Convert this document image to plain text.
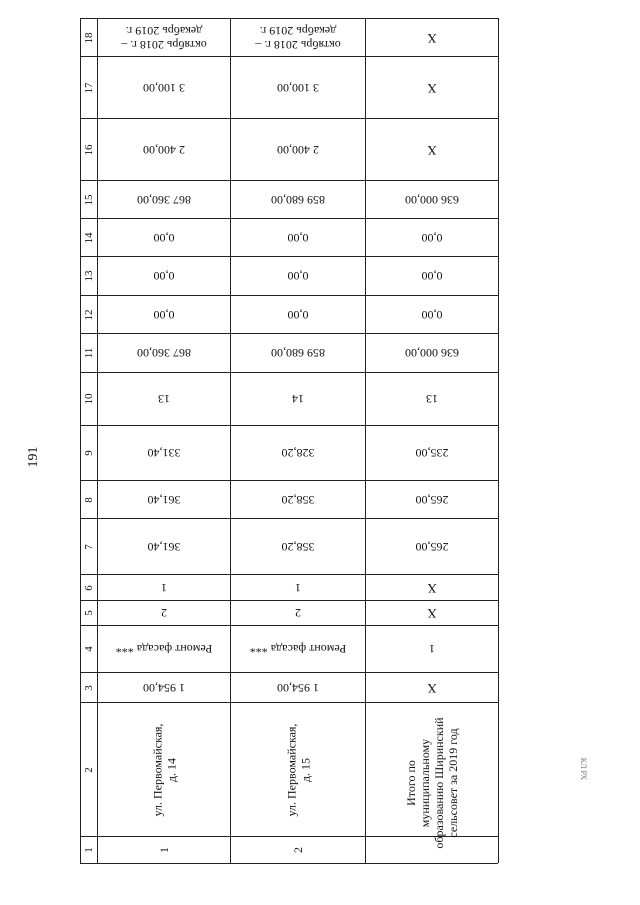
191
КЛ РХ
1
2
3
4
5
6
7
8
9
10
11
12
13
14
15
16
17
18
1
ул. Первомайская,
д. 14
1 954,00
Ремонт фасада ***
2
1
361,40
361,40
331,40
13
867 360,00
0,00
0,00
0,00
867 360,00
2 400,00
3 100,00
октябрь 2018 г. –
декабрь 2019 г.
2
ул. Первомайская,
д. 15
1 954,00
Ремонт фасада ***
2
1
358,20
358,20
328,20
14
859 680,00
0,00
0,00
0,00
859 680,00
2 400,00
3 100,00
октябрь 2018 г. –
декабрь 2019 г.
Итого по муниципальному
образованию Ширинский
сельсовет за 2019 год
Х
1
Х
Х
265,00
265,00
235,00
13
636 000,00
0,00
0,00
0,00
636 000,00
Х
Х
Х
